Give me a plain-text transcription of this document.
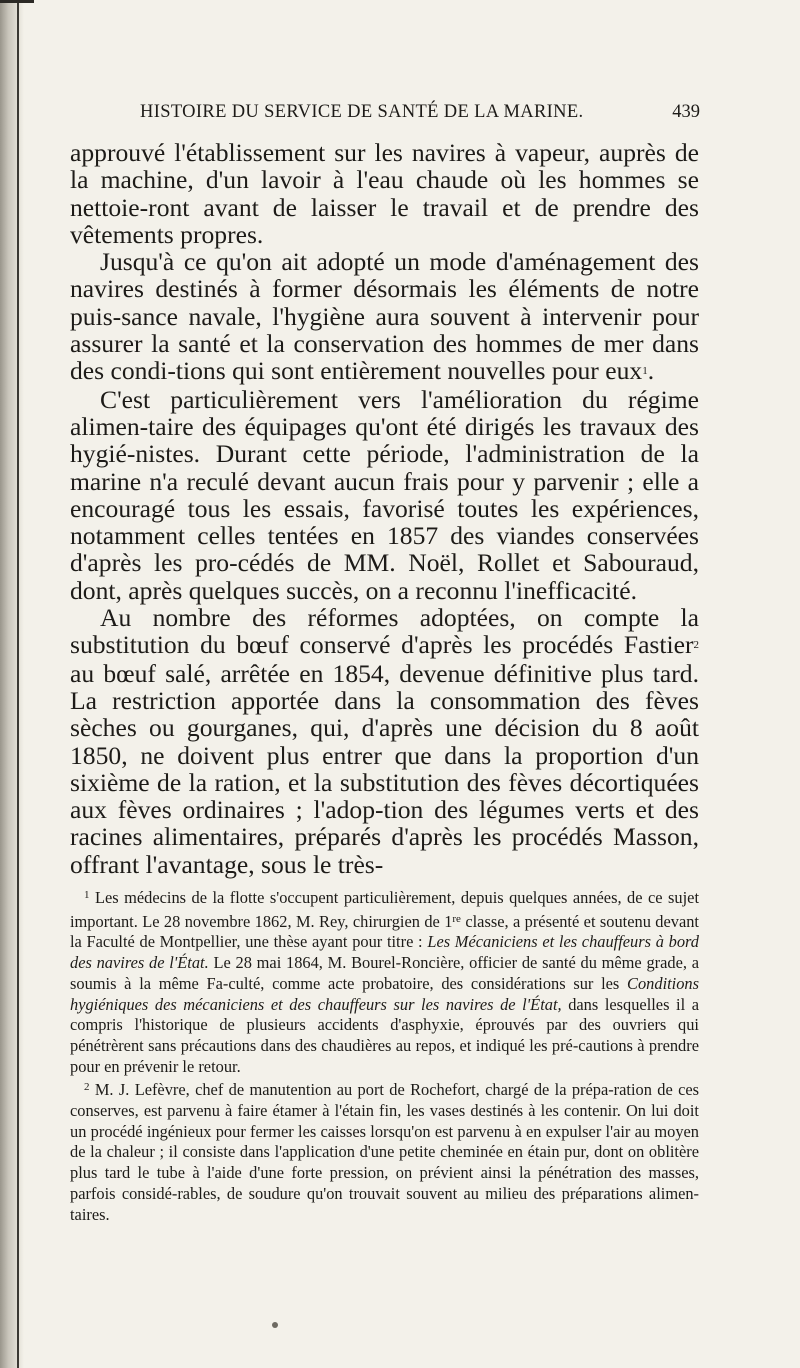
HISTOIRE DU SERVICE DE SANTÉ DE LA MARINE.	439

approuvé l'établissement sur les navires à vapeur, auprès de la machine, d'un lavoir à l'eau chaude où les hommes se nettoie-ront avant de laisser le travail et de prendre des vêtements propres.

Jusqu'à ce qu'on ait adopté un mode d'aménagement des navires destinés à former désormais les éléments de notre puis-sance navale, l'hygiène aura souvent à intervenir pour assurer la santé et la conservation des hommes de mer dans des condi-tions qui sont entièrement nouvelles pour eux$^1$.

C'est particulièrement vers l'amélioration du régime alimen-taire des équipages qu'ont été dirigés les travaux des hygié-nistes. Durant cette période, l'administration de la marine n'a reculé devant aucun frais pour y parvenir ; elle a encouragé tous les essais, favorisé toutes les expériences, notamment celles tentées en 1857 des viandes conservées d'après les pro-cédés de MM. Noël, Rollet et Sabouraud, dont, après quelques succès, on a reconnu l'inefficacité.

Au nombre des réformes adoptées, on compte la substitution du bœuf conservé d'après les procédés Fastier$^2$ au bœuf salé, arrêtée en 1854, devenue définitive plus tard. La restriction apportée dans la consommation des fèves sèches ou gourganes, qui, d'après une décision du 8 août 1850, ne doivent plus entrer que dans la proportion d'un sixième de la ration, et la substitution des fèves décortiquées aux fèves ordinaires ; l'adop-tion des légumes verts et des racines alimentaires, préparés d'après les procédés Masson, offrant l'avantage, sous le très-

$^1$ Les médecins de la flotte s'occupent particulièrement, depuis quelques années, de ce sujet important. Le 28 novembre 1862, M. Rey, chirurgien de 1re classe, a présenté et soutenu devant la Faculté de Montpellier, une thèse ayant pour titre : Les Mécaniciens et les chauffeurs à bord des navires de l'État. Le 28 mai 1864, M. Bourel-Roncière, officier de santé du même grade, a soumis à la même Fa-culté, comme acte probatoire, des considérations sur les Conditions hygiéniques des mécaniciens et des chauffeurs sur les navires de l'État, dans lesquelles il a compris l'historique de plusieurs accidents d'asphyxie, éprouvés par des ouvriers qui pénétrèrent sans précautions dans des chaudières au repos, et indiqué les pré-cautions à prendre pour en prévenir le retour.

$^2$ M. J. Lefèvre, chef de manutention au port de Rochefort, chargé de la prépa-ration de ces conserves, est parvenu à faire étamer à l'étain fin, les vases destinés à les contenir. On lui doit un procédé ingénieux pour fermer les caisses lorsqu'on est parvenu à en expulser l'air au moyen de la chaleur ; il consiste dans l'application d'une petite cheminée en étain pur, dont on oblitère plus tard le tube à l'aide d'une forte pression, on prévient ainsi la pénétration des masses, parfois considé-rables, de soudure qu'on trouvait souvent au milieu des préparations alimen-taires.
